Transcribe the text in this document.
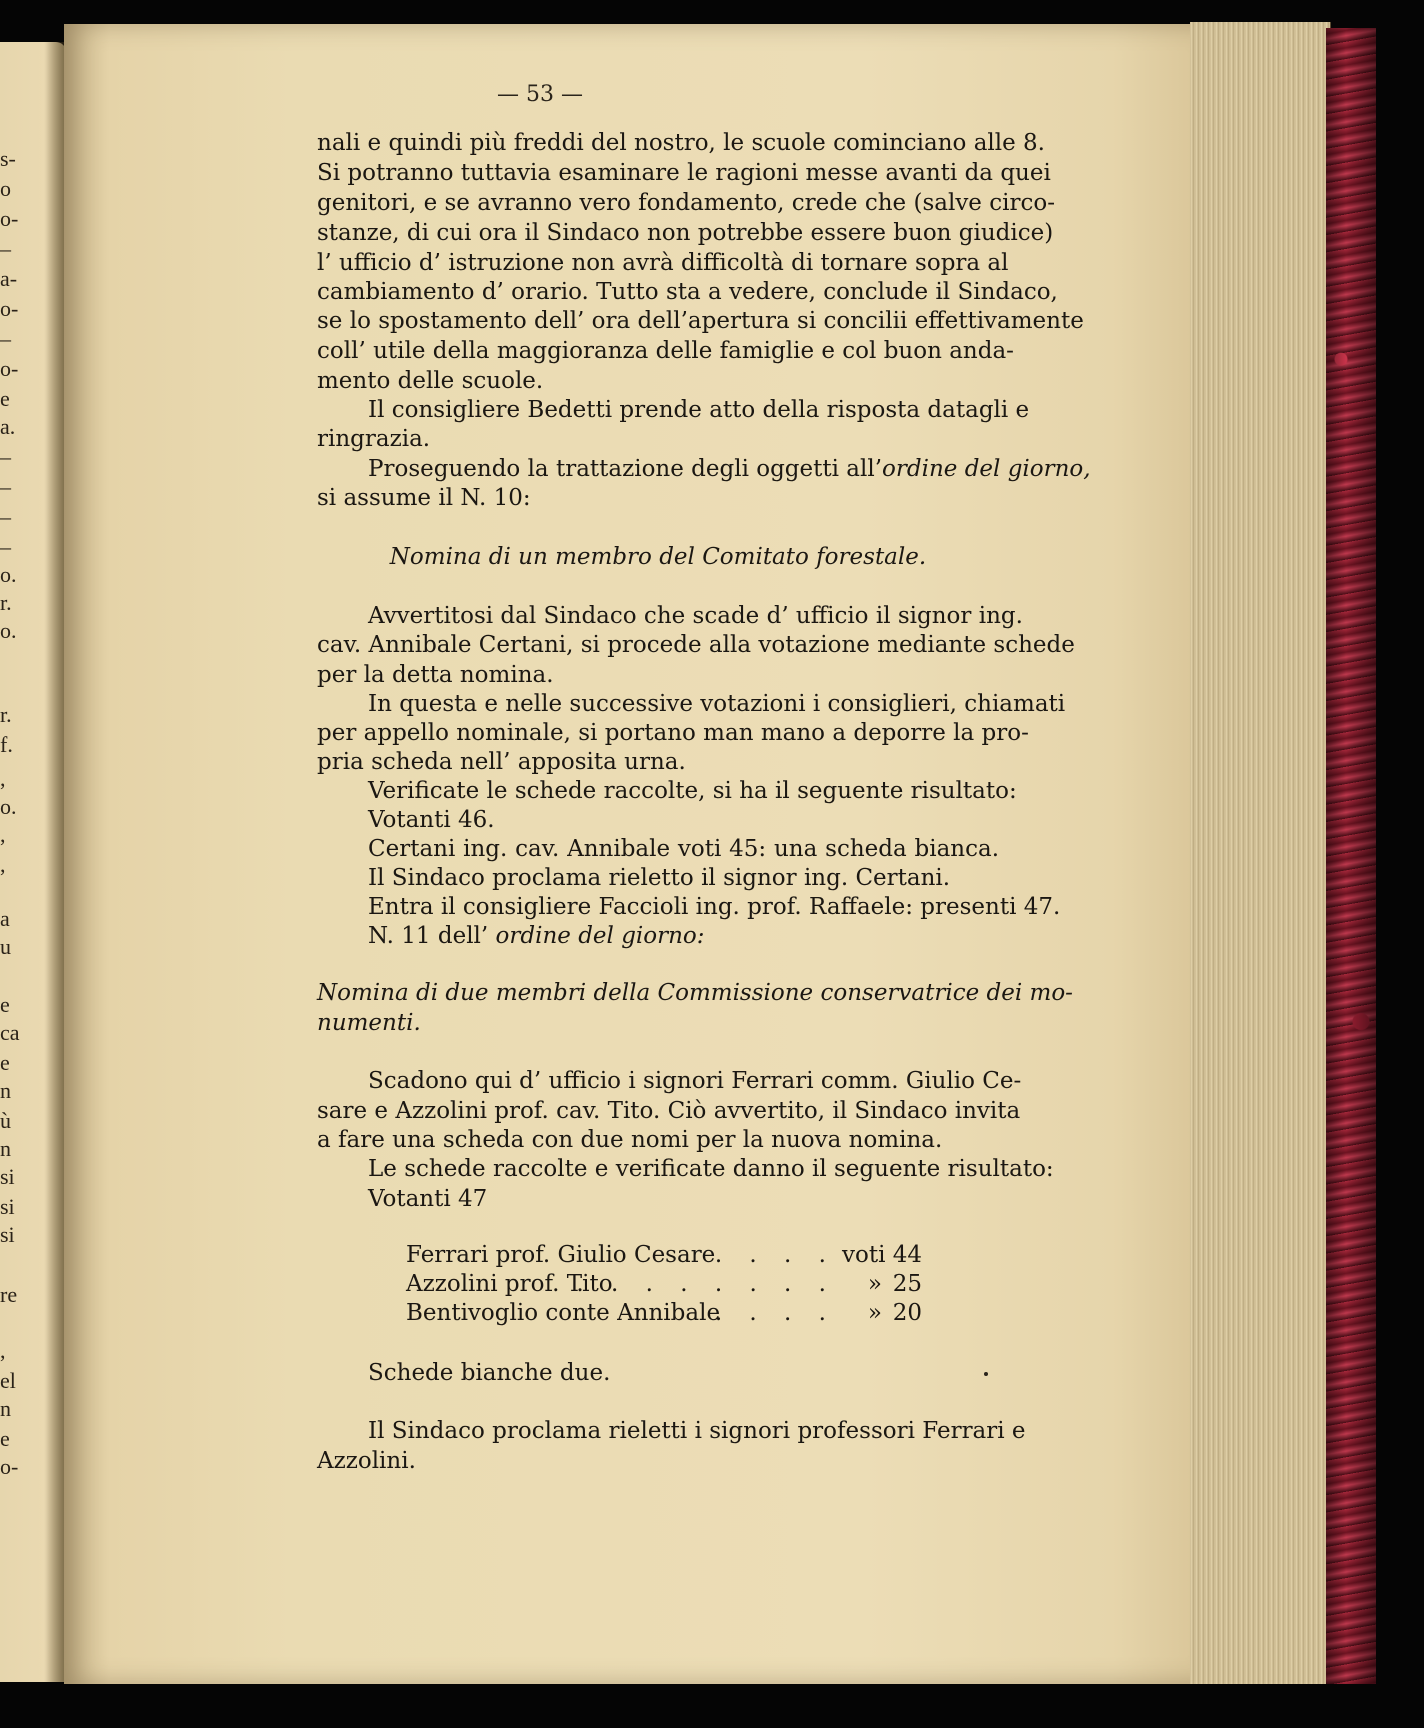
s-
o
o-
–
a-
o-
–
o-
e
a.
–
–
–
–
o.
r.
o.
r.
f.
,
o.
,
,
a
u
e
ca
e
n
ù
n
si
si
si
re
,
el
n
e
o-
— 53 —
nali e quindi più freddi del nostro, le scuole cominciano alle 8.
Si potranno tuttavia esaminare le ragioni messe avanti da quei
genitori, e se avranno vero fondamento, crede che (salve circo-
stanze, di cui ora il Sindaco non potrebbe essere buon giudice)
l’ ufficio d’ istruzione non avrà difficoltà di tornare sopra al
cambiamento d’ orario. Tutto sta a vedere, conclude il Sindaco,
se lo spostamento dell’ ora dell’apertura si concilii effettivamente
coll’ utile della maggioranza delle famiglie e col buon anda-
mento delle scuole.
Il consigliere Bedetti prende atto della risposta datagli e
ringrazia.
Proseguendo la trattazione degli oggetti all’ordine del giorno,
si assume il N. 10:
Nomina di un membro del Comitato forestale.
Avvertitosi dal Sindaco che scade d’ ufficio il signor ing.
cav. Annibale Certani, si procede alla votazione mediante schede
per la detta nomina.
In questa e nelle successive votazioni i consiglieri, chiamati
per appello nominale, si portano man mano a deporre la pro-
pria scheda nell’ apposita urna.
Verificate le schede raccolte, si ha il seguente risultato:
Votanti 46.
Certani ing. cav. Annibale voti 45: una scheda bianca.
Il Sindaco proclama rieletto il signor ing. Certani.
Entra il consigliere Faccioli ing. prof. Raffaele: presenti 47.
N. 11 dell’ ordine del giorno:
Nomina di due membri della Commissione conservatrice dei mo-
numenti.
Scadono qui d’ ufficio i signori Ferrari comm. Giulio Ce-
sare e Azzolini prof. cav. Tito. Ciò avvertito, il Sindaco invita
a fare una scheda con due nomi per la nuova nomina.
Le schede raccolte e verificate danno il seguente risultato:
Votanti 47
. . . .
Ferrari prof. Giulio Cesare	voti 44
. . . . . . . .
Azzolini prof. Tito	» 25
. . . .
Bentivoglio conte Annibale	» 20
Schede bianche due.
Il Sindaco proclama rieletti i signori professori Ferrari e
Azzolini.
